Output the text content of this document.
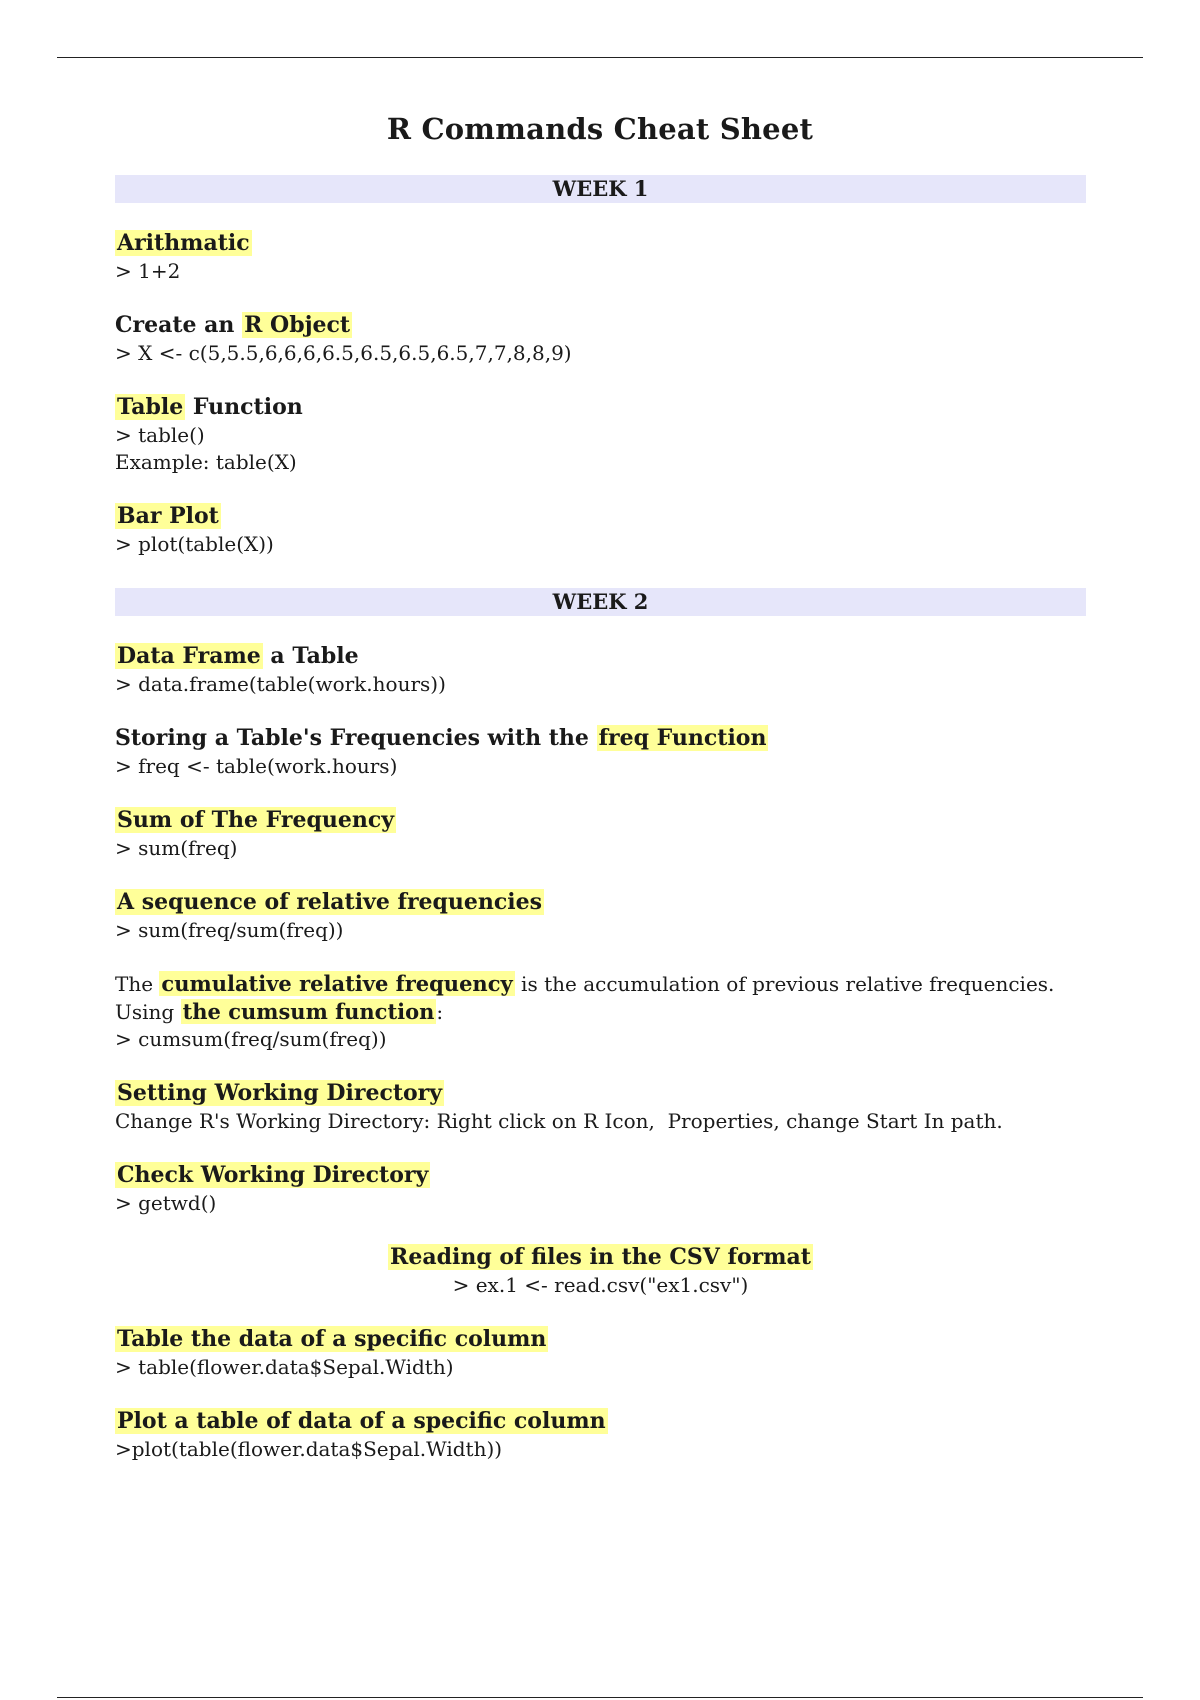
R Commands Cheat Sheet
WEEK 1
Arithmatic
> 1+2
Create an R Object
> X <- c(5,5.5,6,6,6,6.5,6.5,6.5,6.5,7,7,8,8,9)
Table Function
> table()
Example: table(X)
Bar Plot
> plot(table(X))
WEEK 2
Data Frame a Table
> data.frame(table(work.hours))
Storing a Table's Frequencies with the freq Function
> freq <- table(work.hours)
Sum of The Frequency
> sum(freq)
A sequence of relative frequencies
> sum(freq/sum(freq))
The cumulative relative frequency is the accumulation of previous relative frequencies.
Using the cumsum function :
> cumsum(freq/sum(freq))
Setting Working Directory
Change R's Working Directory: Right click on R Icon,  Properties, change Start In path.
Check Working Directory
> getwd()
Reading of files in the CSV format
> ex.1 <- read.csv("ex1.csv")
Table the data of a specific column
> table(flower.data$Sepal.Width)
Plot a table of data of a specific column
>plot(table(flower.data$Sepal.Width))
